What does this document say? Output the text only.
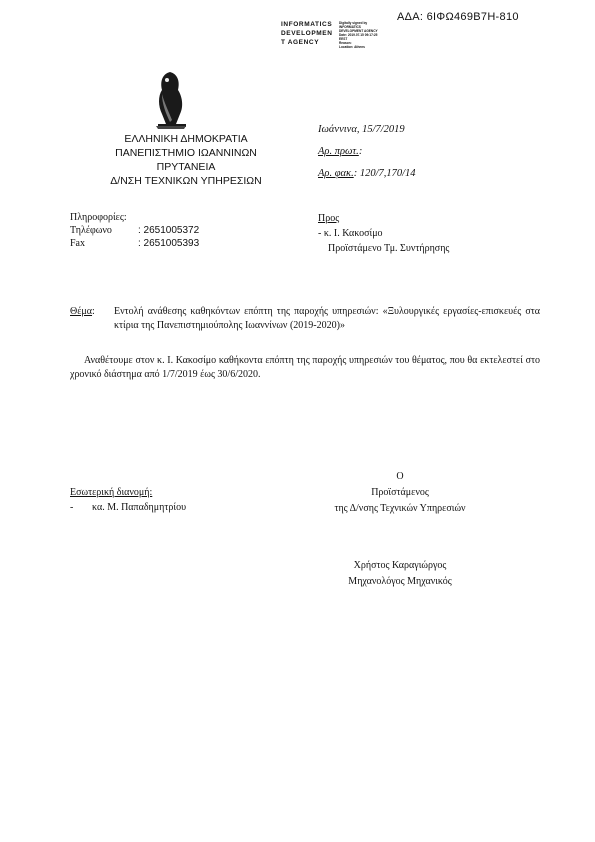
ΑΔΑ: 6ΙΦΩ469Β7Η-810
INFORMATICS
DEVELOPMEN
T AGENCY
Digitally signed by
INFORMATICS
DEVELOPMENT AGENCY
Date: 2019.07.15 09:17:25
EEST
Reason:
Location: Athens
ΕΛΛΗΝΙΚΗ ΔΗΜΟΚΡΑΤΙΑ
ΠΑΝΕΠΙΣΤΗΜΙΟ ΙΩΑΝΝΙΝΩΝ
ΠΡΥΤΑΝΕΙΑ
Δ/ΝΣΗ ΤΕΧΝΙΚΩΝ ΥΠΗΡΕΣΙΩΝ
Ιωάννινα, 15/7/2019
Αρ. πρωτ.:
Αρ. φακ.: 120/7,170/14
Πληροφορίες:
Τηλέφωνο	: 2651005372
Fax	: 2651005393
Προς
- κ. Ι. Κακοσίμο
Προϊστάμενο Τμ. Συντήρησης
Θέμα: Εντολή ανάθεσης καθηκόντων επόπτη της παροχής υπηρεσιών: «Ξυλουργικές εργασίες-επισκευές στα κτίρια της Πανεπιστημιούπολης Ιωαννίνων (2019-2020)»
Αναθέτουμε στον κ. Ι. Κακοσίμο καθήκοντα επόπτη της παροχής υπηρεσιών του θέματος, που θα εκτελεστεί στο χρονικό διάστημα από 1/7/2019 έως 30/6/2020.
Εσωτερική διανομή:
- κα. Μ. Παπαδημητρίου
Ο
Προϊστάμενος
της Δ/νσης Τεχνικών Υπηρεσιών
Χρήστος Καραγιώργος
Μηχανολόγος Μηχανικός
